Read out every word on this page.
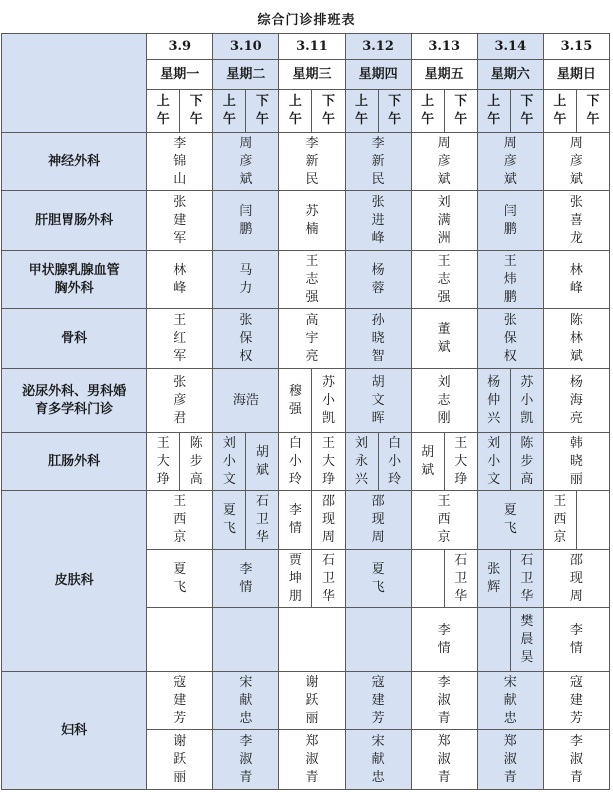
综合门诊排班表
	3.9		3.10		3.11		3.12		3.13		3.14		3.15	
	星期一		星期二		星期三		星期四		星期五		星期六		星期日	
	上午	下午	上午	下午	上午	下午	上午	下午	上午	下午	上午	下午	上午	下午
神经外科	李锦山		周彦斌		李新民		李新民		周彦斌		周彦斌		周彦斌	
肝胆胃肠外科	张建军		闫鹏		苏楠		张进峰		刘满洲		闫鹏		张喜龙	

甲状腺乳腺血管胸外科	林峰		马力		王志强		杨蓉		王志强		王炜鹏		林峰	
骨科	王红军		张保权		高宇亮		孙晓智		董斌		张保权		陈林斌	

泌尿外科、男科婚育多学科门诊	张彦君		海浩		穆强	苏小凯	胡文晖		刘志刚		杨仲兴	苏小凯	杨海亮	
肛肠外科	王大琤	陈步高	刘小文	胡斌	白小玲	王大琤	刘永兴	白小玲	胡斌	王大琤	刘小文	陈步高	韩晓丽	
皮肤科	王西京		夏飞	石卫华	李情	邵现周	邵现周		王西京		夏飞		王西京	
	夏飞		李情		贾坤朋	石卫华	夏飞			石卫华	张辉	石卫华	邵现周	
									李情			樊晨昊	李情	
妇科	寇建芳		宋献忠		谢跃丽		寇建芳		李淑青		宋献忠		寇建芳	
	谢跃丽		李淑青		郑淑青		宋献忠		郑淑青		郑淑青		李淑青	
